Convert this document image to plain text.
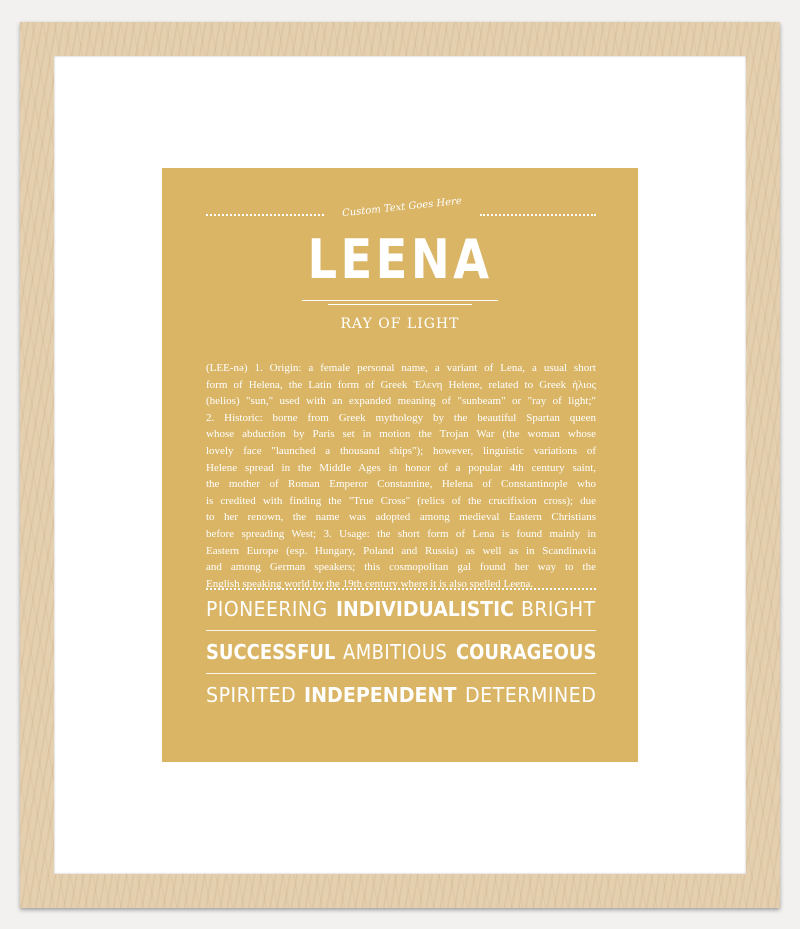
Custom Text Goes Here
LEENA
RAY OF LIGHT
(LEE-nə) 1. Origin: a female personal name, a variant of Lena, a usual short
form of Helena, the Latin form of Greek Ἑλενη Helene, related to Greek ἡλιος
(helios) "sun," used with an expanded meaning of "sunbeam" or "ray of light;"
2. Historic: borne from Greek mythology by the beautiful Spartan queen
whose abduction by Paris set in motion the Trojan War (the woman whose
lovely face "launched a thousand ships"); however, linguistic variations of
Helene spread in the Middle Ages in honor of a popular 4th century saint,
the mother of Roman Emperor Constantine, Helena of Constantinople who
is credited with finding the "True Cross" (relics of the crucifixion cross); due
to her renown, the name was adopted among medieval Eastern Christians
before spreading West; 3. Usage: the short form of Lena is found mainly in
Eastern Europe (esp. Hungary, Poland and Russia) as well as in Scandinavia
and among German speakers; this cosmopolitan gal found her way to the
English speaking world by the 19th century where it is also spelled Leena.
PIONEERING INDIVIDUALISTIC BRIGHT
SUCCESSFUL AMBITIOUS COURAGEOUS
SPIRITED INDEPENDENT DETERMINED
